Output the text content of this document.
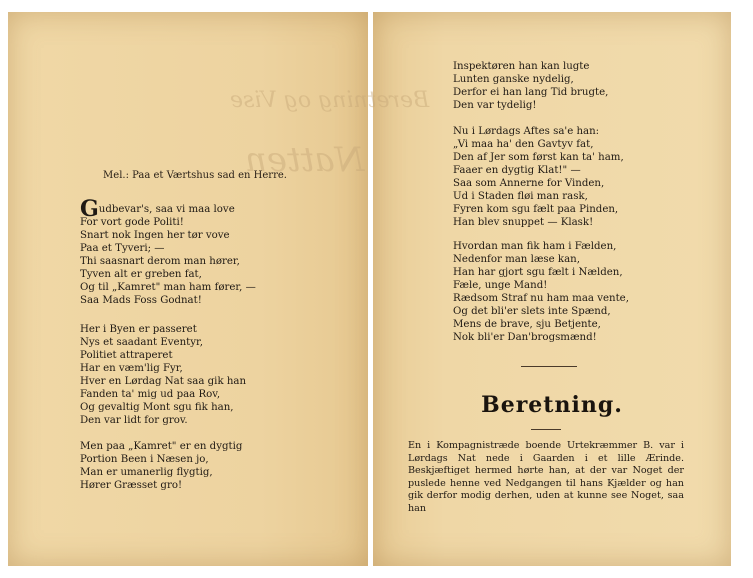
Beretning og Vise
Natten
Mel.: Paa et Værtshus sad en Herre.
Gudbevar's, saa vi maa love
For vort gode Politi!
Snart nok Ingen her tør vove
Paa et Tyveri; —
Thi saasnart derom man hører,
Tyven alt er greben fat,
Og til „Kamret" man ham fører, —
Saa Mads Foss Godnat!
Her i Byen er passeret
Nys et saadant Eventyr,
Politiet attraperet
Har en væm'lig Fyr,
Hver en Lørdag Nat saa gik han
Fanden ta' mig ud paa Rov,
Og gevaltig Mont sgu fik han,
Den var lidt for grov.
Men paa „Kamret" er en dygtig
Portion Been i Næsen jo,
Man er umanerlig flygtig,
Hører Græsset gro!
Inspektøren han kan lugte
Lunten ganske nydelig,
Derfor ei han lang Tid brugte,
Den var tydelig!
Nu i Lørdags Aftes sa'e han:
„Vi maa ha' den Gavtyv fat,
Den af Jer som først kan ta' ham,
Faaer en dygtig Klat!" —
Saa som Annerne for Vinden,
Ud i Staden fløi man rask,
Fyren kom sgu fælt paa Pinden,
Han blev snuppet — Klask!
Hvordan man fik ham i Fælden,
Nedenfor man læse kan,
Han har gjort sgu fælt i Nælden,
Fæle, unge Mand!
Rædsom Straf nu ham maa vente,
Og det bli'er slets inte Spænd,
Mens de brave, sju Betjente,
Nok bli'er Dan'brogsmænd!
Beretning.

En i Kompagnistræde boende Urtekræmmer B. var i Lørdags Nat nede i Gaarden i et lille Ærinde. Beskjæftiget hermed hørte han, at der var Noget der puslede henne ved Nedgangen til hans Kjælder og han gik derfor modig derhen, uden at kunne see Noget, saa han
